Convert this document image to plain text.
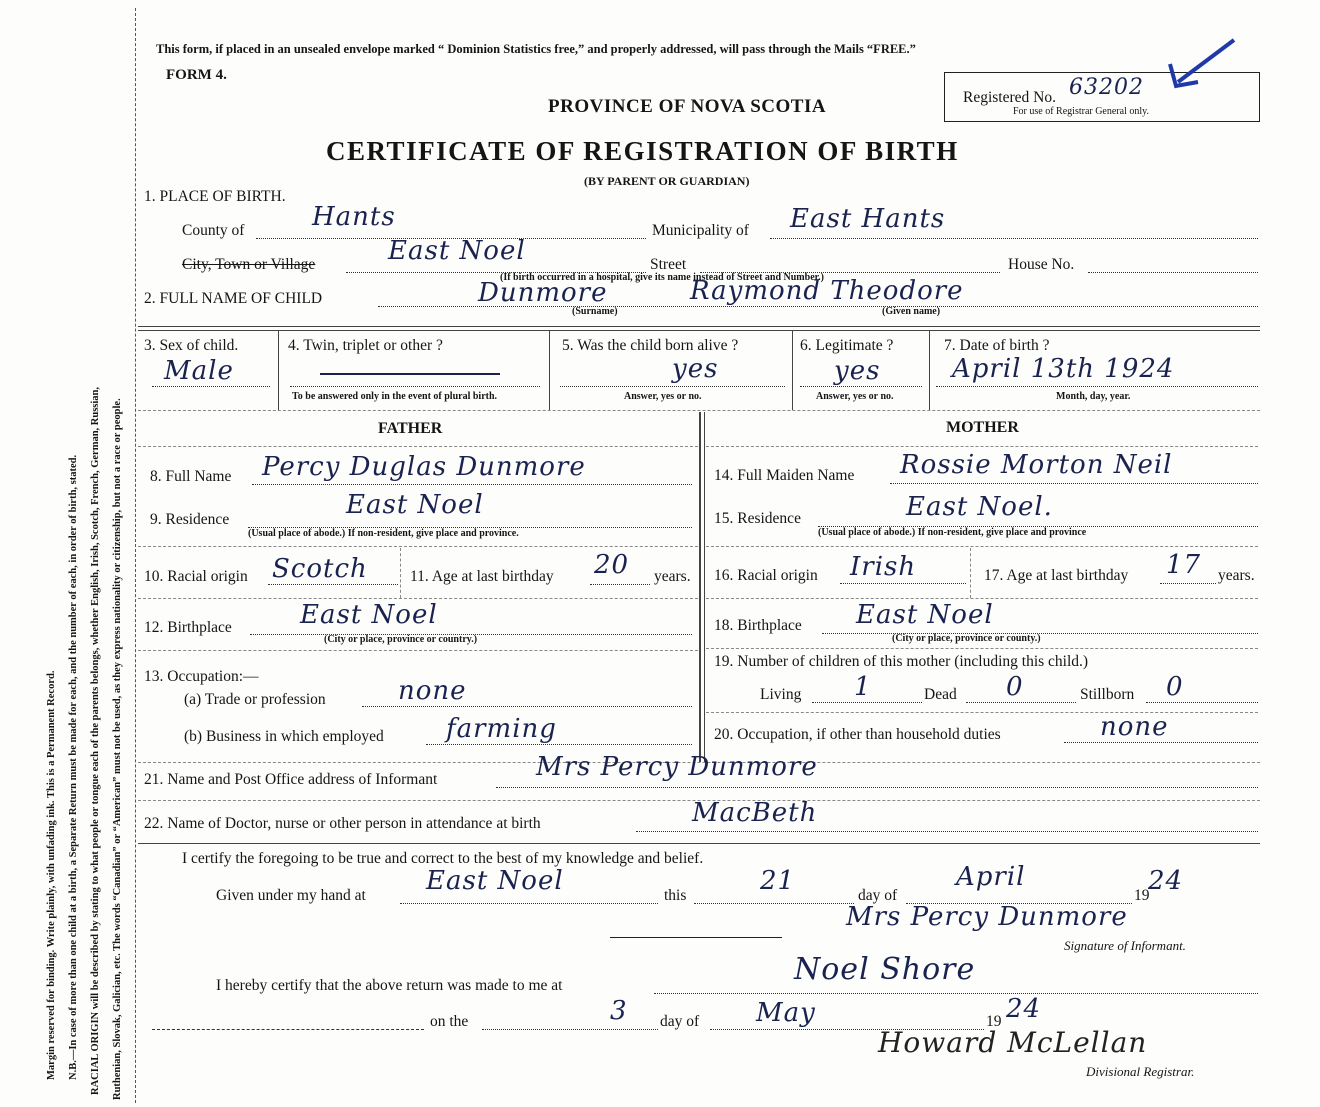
Margin reserved for binding. Write plainly, with unfading ink. This is a Permanent Record. N.B.—In case of more than one child at a birth, a Separate Return must be made for each, and the number of each, in order of birth, stated. RACIAL ORIGIN will be described by stating to what people or tongue each of the parents belongs, whether English, Irish, Scotch, French, German, Russian, Ruthenian, Slovak, Galician, etc. The words “Canadian” or “American” must not be used, as they express nationality or citizenship, but not a race or people.
This form, if placed in an unsealed envelope marked “ Dominion Statistics free,” and properly addressed, will pass through the Mails “FREE.”
FORM 4.
PROVINCE OF NOVA SCOTIA
CERTIFICATE OF REGISTRATION OF BIRTH
(BY PARENT OR GUARDIAN)
Registered No. 63202
For use of Registrar General only.
1. PLACE OF BIRTH.
County of	Hants	Municipality of East Hants
City, Town or Village	East Noel	Street	House No.
(If birth occurred in a hospital, give its name instead of Street and Number.)
2. FULL NAME OF CHILD	Dunmore	Raymond Theodore
(Surname)	(Given name)
3. Sex of child.
Male
4. Twin, triplet or other ?
To be answered only in the event of plural birth.
5. Was the child born alive ?
yes
Answer, yes or no.
6. Legitimate ?
yes
Answer, yes or no.
7. Date of birth ?
April 13th 1924
Month, day, year.
FATHER	MOTHER
8. Full Name Percy Duglas Dunmore
9. Residence	East Noel
(Usual place of abode.) If non-resident, give place and province.
10. Racial origin Scotch	11. Age at last birthday 20 years.
12. Birthplace	East Noel
(City or place, province or country.)
13. Occupation:—
(a) Trade or profession	none
(b) Business in which employed farming
14. Full Maiden Name Rossie Morton Neil
15. Residence	East Noel.
(Usual place of abode.) If non-resident, give place and province
16. Racial origin Irish	17. Age at last birthday 17 years.
18. Birthplace East Noel
(City or place, province or county.)
19. Number of children of this mother (including this child.)
Living 1	Dead 0	Stillborn 0
20. Occupation, if other than household duties	none
21. Name and Post Office address of Informant	Mrs Percy Dunmore
22. Name of Doctor, nurse or other person in attendance at birth	MacBeth
I certify the foregoing to be true and correct to the best of my knowledge and belief.
Given under my hand at East Noel	this	21	day of
April
19
24
Mrs Percy Dunmore
Signature of Informant.
I hereby certify that the above return was made to me at	Noel Shore
on the	3 day of May	19 24
Howard McLellan
Divisional Registrar.
